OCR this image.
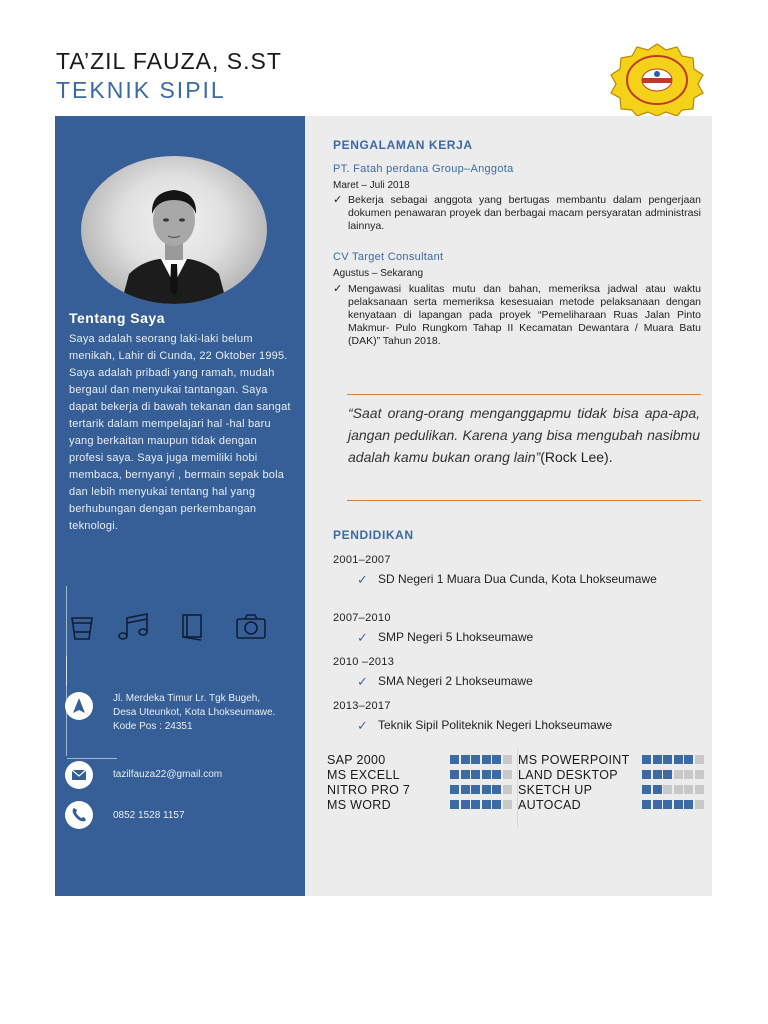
TA’ZIL FAUZA, S.ST
TEKNIK SIPIL
Tentang Saya
Saya adalah seorang laki-laki belum menikah, Lahir di Cunda, 22 Oktober 1995. Saya adalah pribadi yang ramah, mudah bergaul dan menyukai tantangan. Saya dapat bekerja di bawah tekanan dan sangat tertarik dalam mempelajari hal -hal baru yang berkaitan maupun tidak dengan profesi saya. Saya juga memiliki hobi membaca, bernyanyi , bermain sepak bola dan lebih menyukai tentang hal yang berhubungan dengan perkembangan teknologi.
Jl. Merdeka Timur Lr. Tgk Bugeh, Desa Uteunkot, Kota Lhokseumawe. Kode Pos : 24351
tazilfauza22@gmail.com
0852 1528 1157
PENGALAMAN KERJA
PT. Fatah perdana Group–Anggota
Maret – Juli 2018
✓ Bekerja sebagai anggota yang bertugas membantu dalam pengerjaan dokumen penawaran proyek dan berbagai macam persyaratan administrasi lainnya.
CV Target Consultant
Agustus – Sekarang
✓ Mengawasi kualitas mutu dan bahan, memeriksa jadwal atau waktu pelaksanaan serta memeriksa kesesuaian metode pelaksanaan dengan kenyataan di lapangan pada proyek “Pemeliharaan Ruas Jalan Pinto Makmur- Pulo Rungkom Tahap II Kecamatan Dewantara / Muara Batu (DAK)” Tahun 2018.
“Saat orang-orang menganggapmu tidak bisa apa-apa, jangan pedulikan. Karena yang bisa mengubah nasibmu adalah kamu bukan orang lain”(Rock Lee).
PENDIDIKAN
2001–2007
✓ SD Negeri 1 Muara Dua Cunda, Kota Lhokseumawe
2007–2010
✓ SMP Negeri 5 Lhokseumawe
2010 –2013
✓ SMA Negeri 2 Lhokseumawe
2013–2017
✓ Teknik Sipil Politeknik Negeri Lhokseumawe
SAP 2000
MS EXCELL
NITRO PRO 7
MS WORD
MS POWERPOINT
LAND DESKTOP
SKETCH UP
AUTOCAD
